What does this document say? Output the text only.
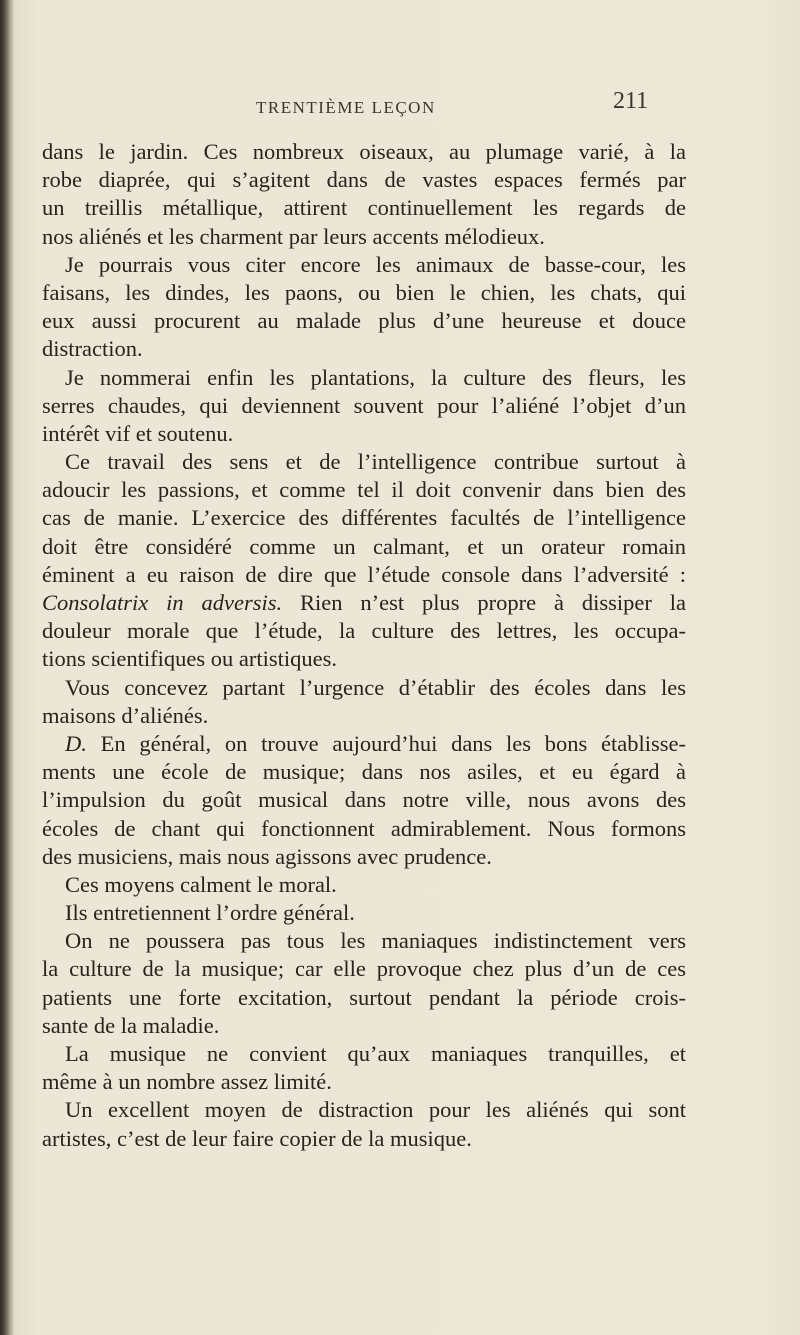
TRENTIÈME LEÇON	211
dans le jardin. Ces nombreux oiseaux, au plumage varié, à la
robe diaprée, qui s’agitent dans de vastes espaces fermés par
un treillis métallique, attirent continuellement les regards de
nos aliénés et les charment par leurs accents mélodieux.
Je pourrais vous citer encore les animaux de basse-cour, les
faisans, les dindes, les paons, ou bien le chien, les chats, qui
eux aussi procurent au malade plus d’une heureuse et douce
distraction.
Je nommerai enfin les plantations, la culture des fleurs, les
serres chaudes, qui deviennent souvent pour l’aliéné l’objet d’un
intérêt vif et soutenu.
Ce travail des sens et de l’intelligence contribue surtout à
adoucir les passions, et comme tel il doit convenir dans bien des
cas de manie. L’exercice des différentes facultés de l’intelligence
doit être considéré comme un calmant, et un orateur romain
éminent a eu raison de dire que l’étude console dans l’adversité :
Consolatrix in adversis. Rien n’est plus propre à dissiper la
douleur morale que l’étude, la culture des lettres, les occupa-
tions scientifiques ou artistiques.
Vous concevez partant l’urgence d’établir des écoles dans les
maisons d’aliénés.
D. En général, on trouve aujourd’hui dans les bons établisse-
ments une école de musique; dans nos asiles, et eu égard à
l’impulsion du goût musical dans notre ville, nous avons des
écoles de chant qui fonctionnent admirablement. Nous formons
des musiciens, mais nous agissons avec prudence.
Ces moyens calment le moral.
Ils entretiennent l’ordre général.
On ne poussera pas tous les maniaques indistinctement vers
la culture de la musique; car elle provoque chez plus d’un de ces
patients une forte excitation, surtout pendant la période crois-
sante de la maladie.
La musique ne convient qu’aux maniaques tranquilles, et
même à un nombre assez limité.
Un excellent moyen de distraction pour les aliénés qui sont
artistes, c’est de leur faire copier de la musique.
